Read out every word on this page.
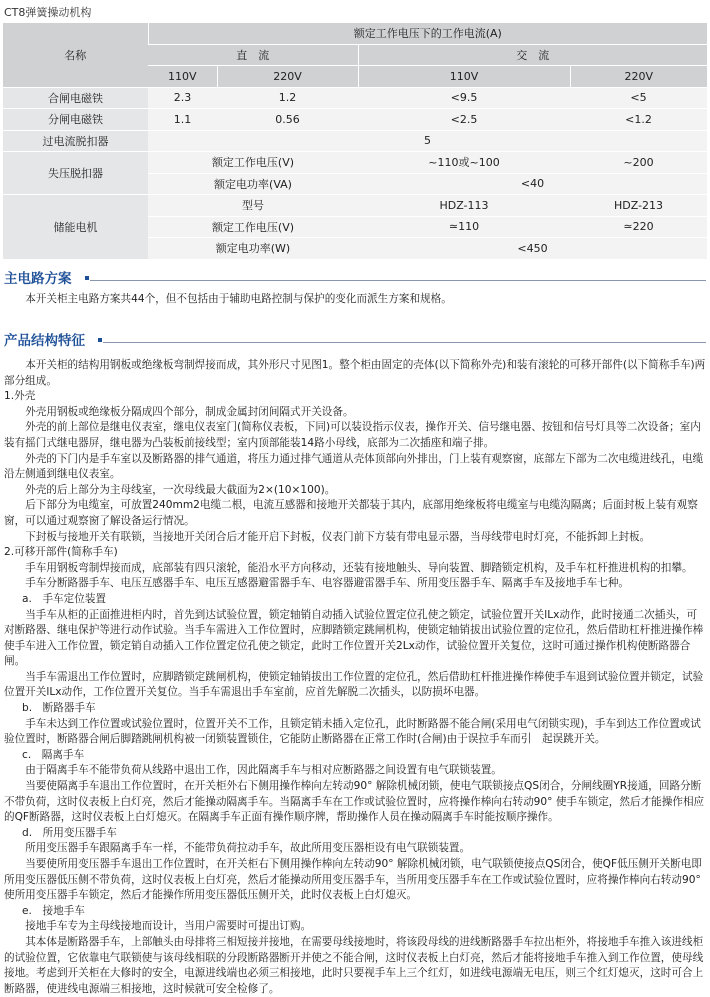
CT8弹簧操动机构
名称	额定工作电压下的工作电流(A)			
	直　流		交　流	
	110V	220V	110V	220V
合闸电磁铁	2.3	1.2	<9.5	<5
分闸电磁铁	1.1	0.56	<2.5	<1.2
过电流脱扣器	5			
失压脱扣器	额定工作电压(V)		~110或~100	~200
	额定电功率(VA)		<40	
储能电机	型号		HDZ-113	HDZ-213
	额定工作电压(V)		≃110	≃220
	额定电功率(W)		<450	
主电路方案

本开关柜主电路方案共44个，但不包括由于辅助电路控制与保护的变化而派生方案和规格。

产品结构特征

本开关柜的结构用钢板或绝缘板弯制焊接而成，其外形尺寸见图1。整个柜由固定的壳体(以下简称外壳)和装有滚轮的可移开部件(以下简称手车)两部分组成。

1.外壳

外壳用钢板或绝缘板分隔成四个部分，制成金属封闭间隔式开关设备。

外壳的前上部位是继电仪表室，继电仪表室门(简称仪表板，下同)可以装设指示仪表，操作开关、信号继电器、按钮和信号灯具等二次设备；室内装有摇门式继电器屏，继电器为凸装板前接线型；室内顶部能装14路小母线，底部为二次插座和端子排。

外壳的下门内是手车室以及断路器的排气通道，将压力通过排气通道从壳体顶部向外排出，门上装有观察窗，底部左下部为二次电缆进线孔，电缆沿左侧通到继电仪表室。

外壳的后上部分为主母线室，一次母线最大截面为2×(10×100)。

后下部分为电缆室，可放置240mm2电缆二根，电流互感器和接地开关都装于其内，底部用绝缘板将电缆室与电缆沟隔离；后面封板上装有观察窗，可以通过观察窗了解设备运行情况。

下封板与接地开关有联锁，当接地开关闭合后才能开启下封板，仪表门前下方装有带电显示器，当母线带电时灯亮，不能拆卸上封板。

2.可移开部件(简称手车)

手车用钢板弯制焊接而成，底部装有四只滚轮，能沿水平方向移动，还装有接地触头、导向装置、脚踏锁定机构，及手车杠杆推进机构的扣攀。

手车分断路器手车、电压互感器手车、电压互感器避雷器手车、电容器避雷器手车、所用变压器手车、隔离手车及接地手车七种。

a.　手车定位装置

当手车从柜的正面推进柜内时，首先到达试验位置，锁定轴销自动插入试验位置定位孔使之锁定，试验位置开关lLx动作，此时接通二次插头，可对断路器、继电保护等进行动作试验。当手车需进入工作位置时，应脚踏锁定跳闸机构，使锁定轴销拔出试验位置的定位孔，然后借助杠杆推进操作棒使手车进入工作位置，锁定销自动插入工作位置定位孔使之锁定，此时工作位置开关2Lx动作，试验位置开关复位，这时可通过操作机构使断路器合闸。

当手车需退出工作位置时，应脚踏锁定跳闸机构，使锁定轴销拔出工作位置的定位孔，然后借助杠杆推进操作棒使手车退到试验位置并锁定，试验位置开关lLx动作，工作位置开关复位。当手车需退出手车室前，应首先解脱二次插头，以防损坏电器。

b.　断路器手车

手车未达到工作位置或试验位置时，位置开关不工作，且锁定销未插入定位孔，此时断路器不能合闸(采用电气闭锁实现)，手车到达工作位置或试验位置时，断路器合闸后脚踏跳闸机构被一闭锁装置锁住，它能防止断路器在正常工作时(合闸)由于误拉手车而引　起误跳开关。

c.　隔离手车

由于隔离手车不能带负荷从线路中退出工作，因此隔离手车与相对应断路器之间设置有电气联锁装置。

当要使隔离手车退出工作位置时，在开关柜外右下侧用操作棒向左转动90° 解除机械闭锁，使电气联锁接点QS闭合，分闸线圈YR接通，回路分断不带负荷，这时仪表板上白灯亮，然后才能操动隔离手车。当隔离手车在工作或试验位置时，应将操作棒向右转动90° 使手车锁定，然后才能操作相应的QF断路器，这时仪表板上白灯熄灭。在隔离手车正面有操作顺序牌，帮助操作人员在操动隔离手车时能按顺序操作。

d.　所用变压器手车

所用变压器手车跟隔离手车一样，不能带负荷拉动手车，故此所用变压器柜设有电气联锁装置。

当要使所用变压器手车退出工作位置时，在开关柜右下侧用操作棒向左转动90° 解除机械闭锁，电气联锁使接点QS闭合，使QF低压侧开关断电即所用变压器低压侧不带负荷，这时仪表板上白灯亮，然后才能操动所用变压器手车，当所用变压器手车在工作或试验位置时，应将操作棒向右转动90° 使所用变压器手车锁定，然后才能操作所用变压器低压侧开关，此时仪表板上白灯熄灭。

e.　接地手车

接地手车专为主母线接地而设计，当用户需要时可提出订购。

其本体是断路器手车，上部触头由母排将三相短接并接地，在需要母线接地时，将该段母线的进线断路器手车拉出柜外，将接地手车推入该进线柜的试验位置，它依靠电气联锁使与该母线相联的分段断路器断开并使之不能合闸，这时仪表板上白灯亮，然后才能将接地手车推入到工作位置，使母线接地。考虑到开关柜在大修时的安全，电源进线端也必须三相接地，此时只要视手车上三个红灯，如进线电源端无电压，则三个红灯熄灭，这时可合上断路器，使进线电源端三相接地，这时候就可安全检修了。
